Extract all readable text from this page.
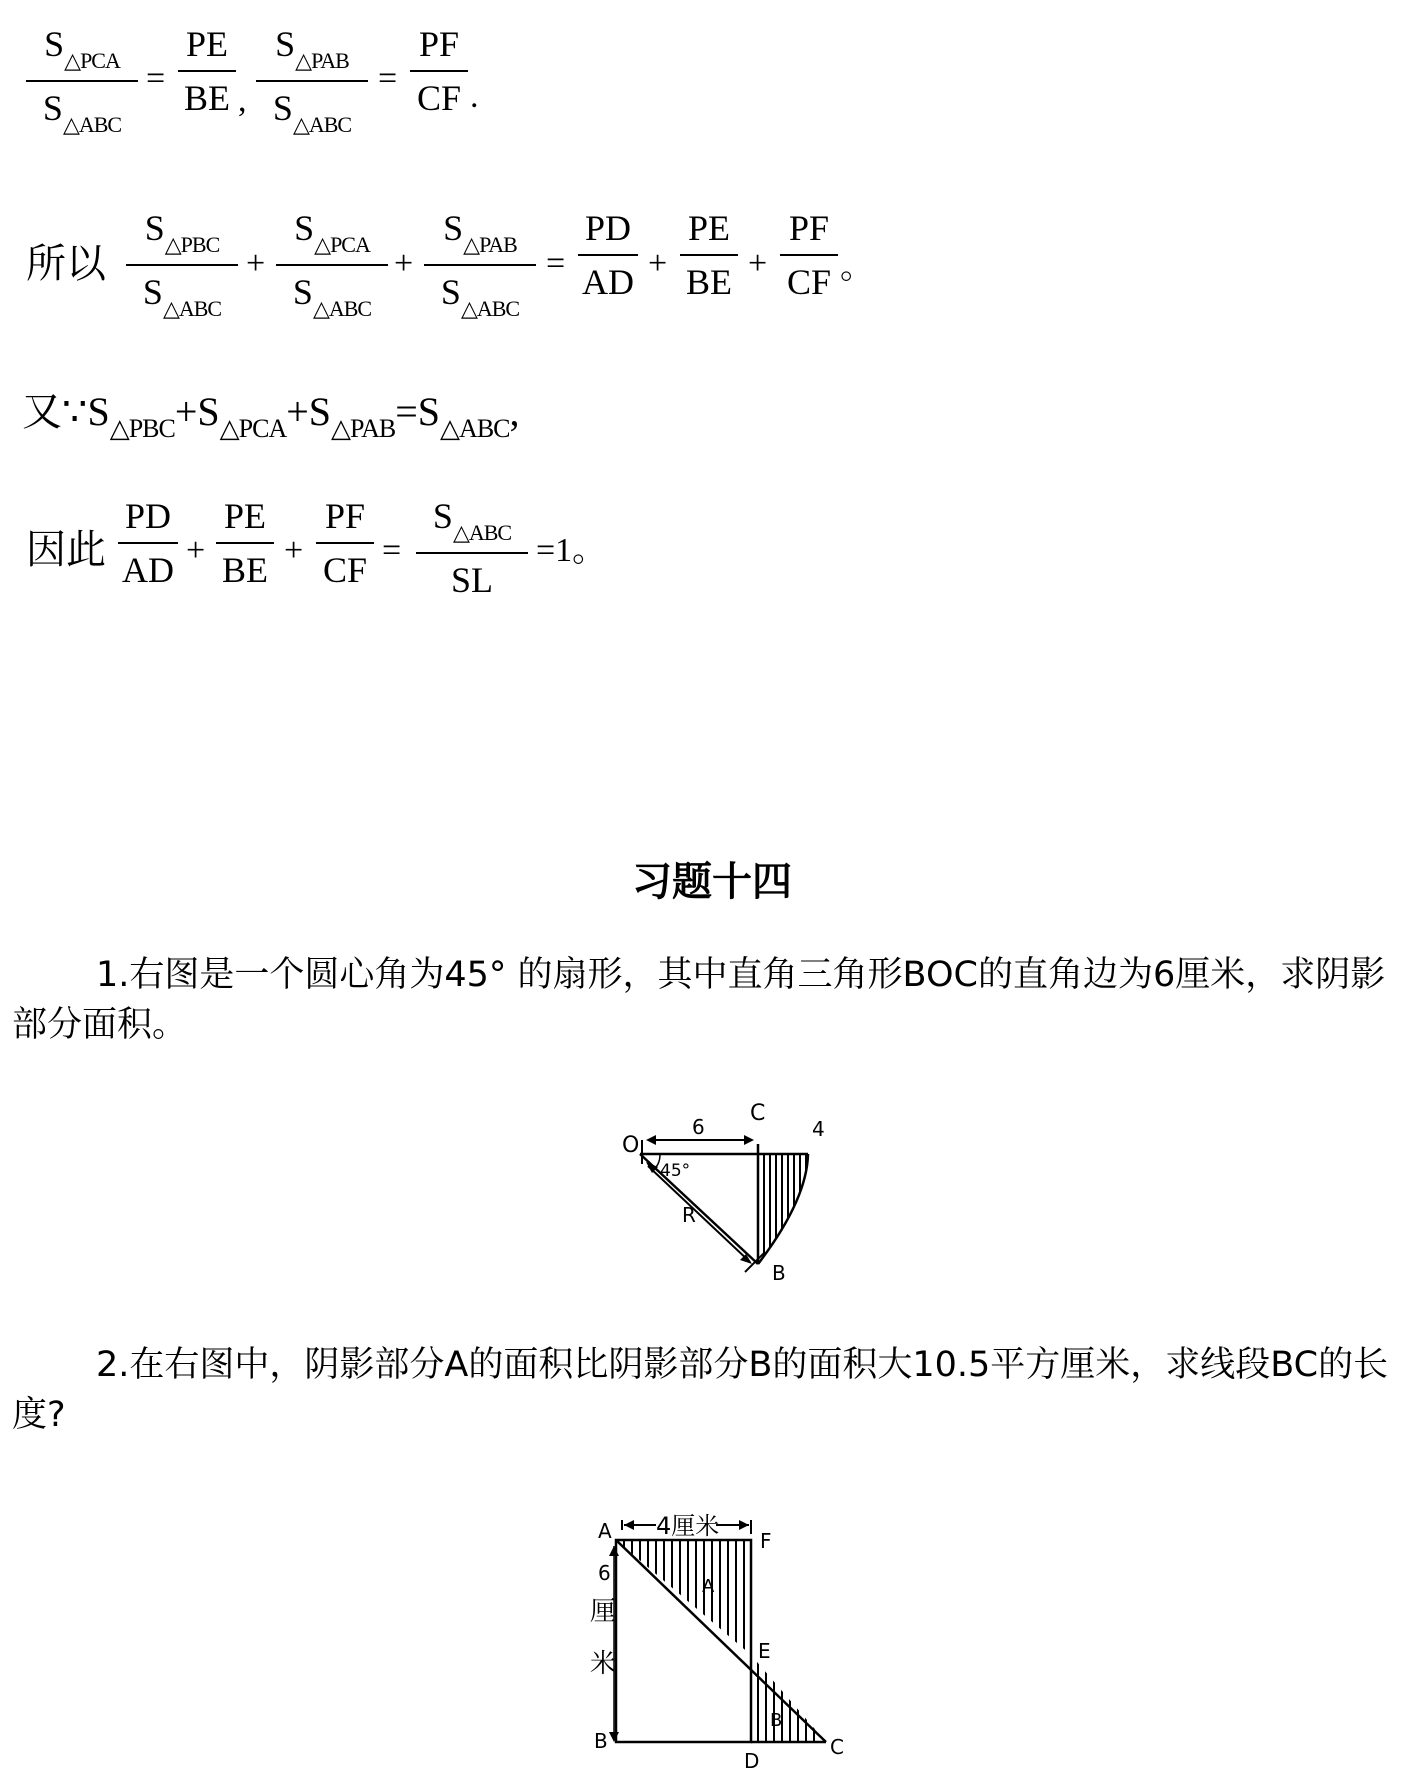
$S_{\triangle PCA}$
$S_{\triangle ABC}$
=
PE
BE ,
$S_{\triangle PAB}$
$S_{\triangle ABC}$
=
PF
CF .
所以
$S_{\triangle PBC}$
$S_{\triangle ABC}$
+
$S_{\triangle PCA}$
$S_{\triangle ABC}$
+
$S_{\triangle PAB}$
$S_{\triangle ABC}$
=
PD
AD +
PE
BE +
PF
CF 。
又$\because S_{\triangle PBC}+S_{\triangle PCA}+S_{\triangle PAB}=S_{\triangle ABC}$,
因此
PD
AD +
PE
BE +
PF
CF =
$S_{\triangle ABC}$
SL
=1。
习题十四
1.右图是一个圆心角为45° 的扇形，其中直角三角形BOC的直角边为6厘米，求阴影部分面积。
O
C
4
6
45°
R
B
2.在右图中，阴影部分A的面积比阴影部分B的面积大10.5平方厘米，求线段BC的长度?
4厘米
A	F
E
B
D
C
A
B
6
厘
米
